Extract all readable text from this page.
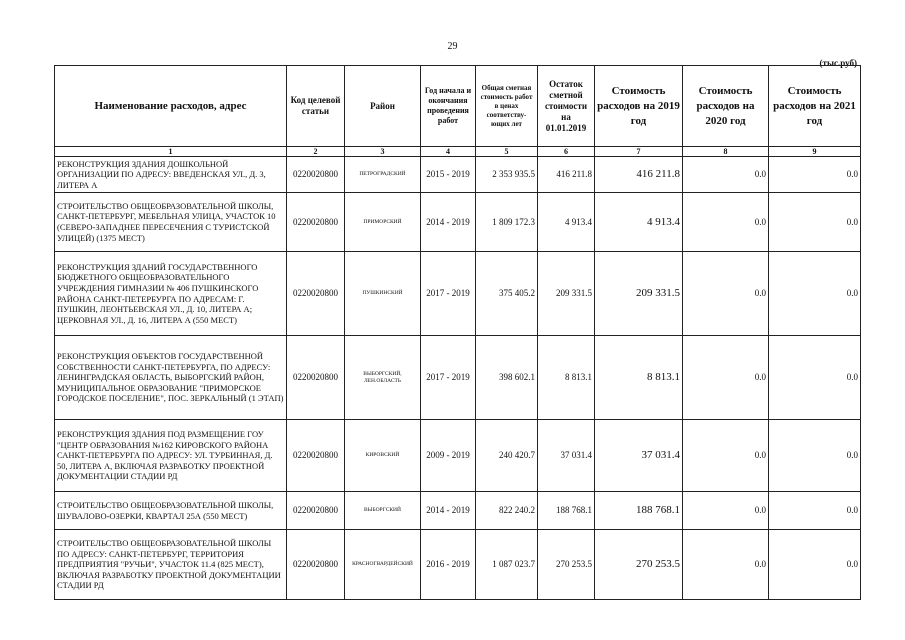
29
(тыс.руб)
Наименование расходов, адрес	Код целевой статьи	Район	Год начала и окончания проведения работ	Общая сметная стоимость работ в ценах соответству-ющих лет	Остаток сметной стоимости на 01.01.2019	Стоимость расходов на 2019 год	Стоимость расходов на 2020 год	Стоимость расходов на 2021 год
1	2	3	4	5	6	7	8	9
РЕКОНСТРУКЦИЯ ЗДАНИЯ ДОШКОЛЬНОЙ ОРГАНИЗАЦИИ ПО АДРЕСУ: ВВЕДЕНСКАЯ УЛ., Д. 3, ЛИТЕРА А	0220020800	ПЕТРОГРАДСКИЙ	2015 - 2019	2 353 935.5	416 211.8	416 211.8	0.0	0.0
СТРОИТЕЛЬСТВО ОБЩЕОБРАЗОВАТЕЛЬНОЙ ШКОЛЫ, САНКТ-ПЕТЕРБУРГ, МЕБЕЛЬНАЯ УЛИЦА, УЧАСТОК 10 (СЕВЕРО-ЗАПАДНЕЕ ПЕРЕСЕЧЕНИЯ С ТУРИСТСКОЙ УЛИЦЕЙ) (1375 МЕСТ)	0220020800	ПРИМОРСКИЙ	2014 - 2019	1 809 172.3	4 913.4	4 913.4	0.0	0.0
РЕКОНСТРУКЦИЯ ЗДАНИЙ ГОСУДАРСТВЕННОГО БЮДЖЕТНОГО ОБЩЕОБРАЗОВАТЕЛЬНОГО УЧРЕЖДЕНИЯ ГИМНАЗИИ № 406 ПУШКИНСКОГО РАЙОНА САНКТ-ПЕТЕРБУРГА ПО АДРЕСАМ: Г. ПУШКИН, ЛЕОНТЬЕВСКАЯ УЛ., Д. 10, ЛИТЕРА А; ЦЕРКОВНАЯ УЛ., Д. 16, ЛИТЕРА А (550 МЕСТ)	0220020800	ПУШКИНСКИЙ	2017 - 2019	375 405.2	209 331.5	209 331.5	0.0	0.0
РЕКОНСТРУКЦИЯ ОБЪЕКТОВ ГОСУДАРСТВЕННОЙ СОБСТВЕННОСТИ САНКТ-ПЕТЕРБУРГА, ПО АДРЕСУ: ЛЕНИНГРАДСКАЯ ОБЛАСТЬ, ВЫБОРГСКИЙ РАЙОН, МУНИЦИПАЛЬНОЕ ОБРАЗОВАНИЕ "ПРИМОРСКОЕ ГОРОДСКОЕ ПОСЕЛЕНИЕ", ПОС. ЗЕРКАЛЬНЫЙ (1 ЭТАП)	0220020800	ВЫБОРГСКИЙ, ЛЕН.ОБЛАСТЬ	2017 - 2019	398 602.1	8 813.1	8 813.1	0.0	0.0
РЕКОНСТРУКЦИЯ ЗДАНИЯ ПОД РАЗМЕЩЕНИЕ ГОУ "ЦЕНТР ОБРАЗОВАНИЯ №162 КИРОВСКОГО РАЙОНА САНКТ-ПЕТЕРБУРГА ПО АДРЕСУ: УЛ. ТУРБИННАЯ, Д. 50, ЛИТЕРА А, ВКЛЮЧАЯ РАЗРАБОТКУ ПРОЕКТНОЙ ДОКУМЕНТАЦИИ СТАДИИ РД	0220020800	КИРОВСКИЙ	2009 - 2019	240 420.7	37 031.4	37 031.4	0.0	0.0
СТРОИТЕЛЬСТВО ОБЩЕОБРАЗОВАТЕЛЬНОЙ ШКОЛЫ, ШУВАЛОВО-ОЗЕРКИ, КВАРТАЛ 25А (550 МЕСТ)	0220020800	ВЫБОРГСКИЙ	2014 - 2019	822 240.2	188 768.1	188 768.1	0.0	0.0
СТРОИТЕЛЬСТВО ОБЩЕОБРАЗОВАТЕЛЬНОЙ ШКОЛЫ ПО АДРЕСУ: САНКТ-ПЕТЕРБУРГ, ТЕРРИТОРИЯ ПРЕДПРИЯТИЯ "РУЧЬИ", УЧАСТОК 11.4 (825 МЕСТ), ВКЛЮЧАЯ РАЗРАБОТКУ ПРОЕКТНОЙ ДОКУМЕНТАЦИИ СТАДИИ РД	0220020800	КРАСНОГВАРДЕЙСКИЙ	2016 - 2019	1 087 023.7	270 253.5	270 253.5	0.0	0.0
